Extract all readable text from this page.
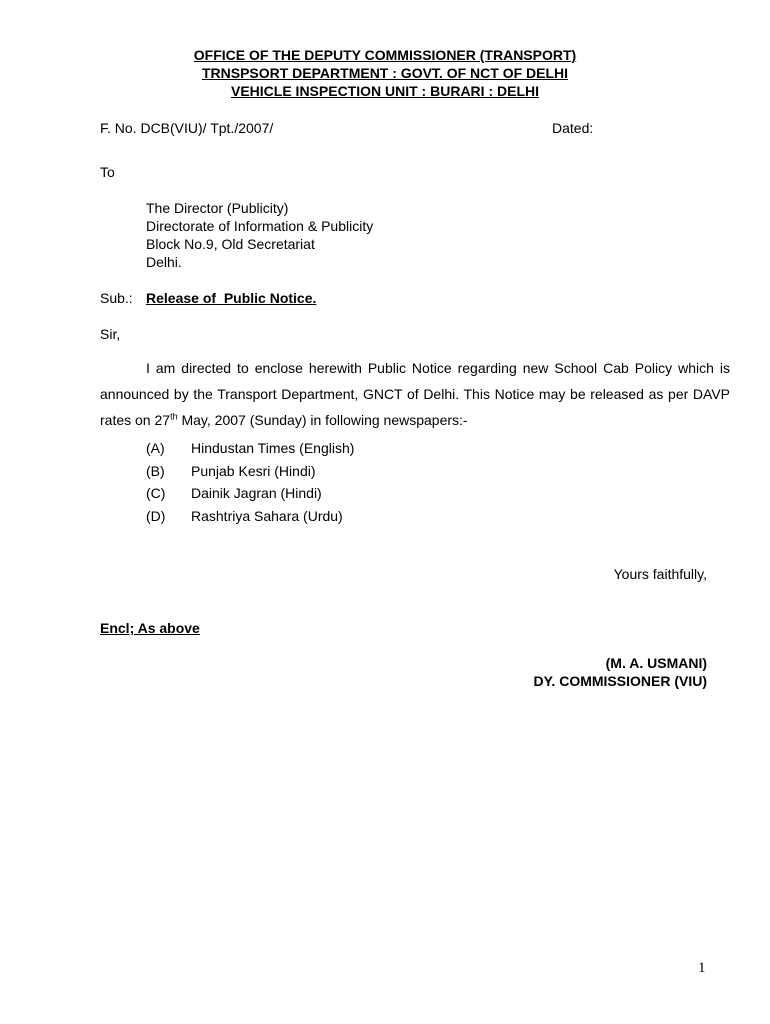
OFFICE OF THE DEPUTY COMMISSIONER (TRANSPORT)
TRNSPSORT DEPARTMENT : GOVT. OF NCT OF DELHI
VEHICLE INSPECTION UNIT : BURARI : DELHI
F. No. DCB(VIU)/ Tpt./2007/	Dated:
To
The Director (Publicity)
Directorate of Information & Publicity
Block No.9, Old Secretariat
Delhi.
Sub.: Release of  Public Notice.
Sir,
I am directed to enclose herewith Public Notice regarding new School Cab Policy which is announced by the Transport Department, GNCT of Delhi. This Notice may be released as per DAVP rates on 27th May, 2007 (Sunday) in following newspapers:-
(A) Hindustan Times (English)
(B) Punjab Kesri (Hindi)
(C) Dainik Jagran (Hindi)
(D) Rashtriya Sahara (Urdu)
Yours faithfully,
Encl; As above
(M. A. USMANI)
DY. COMMISSIONER (VIU)
1
